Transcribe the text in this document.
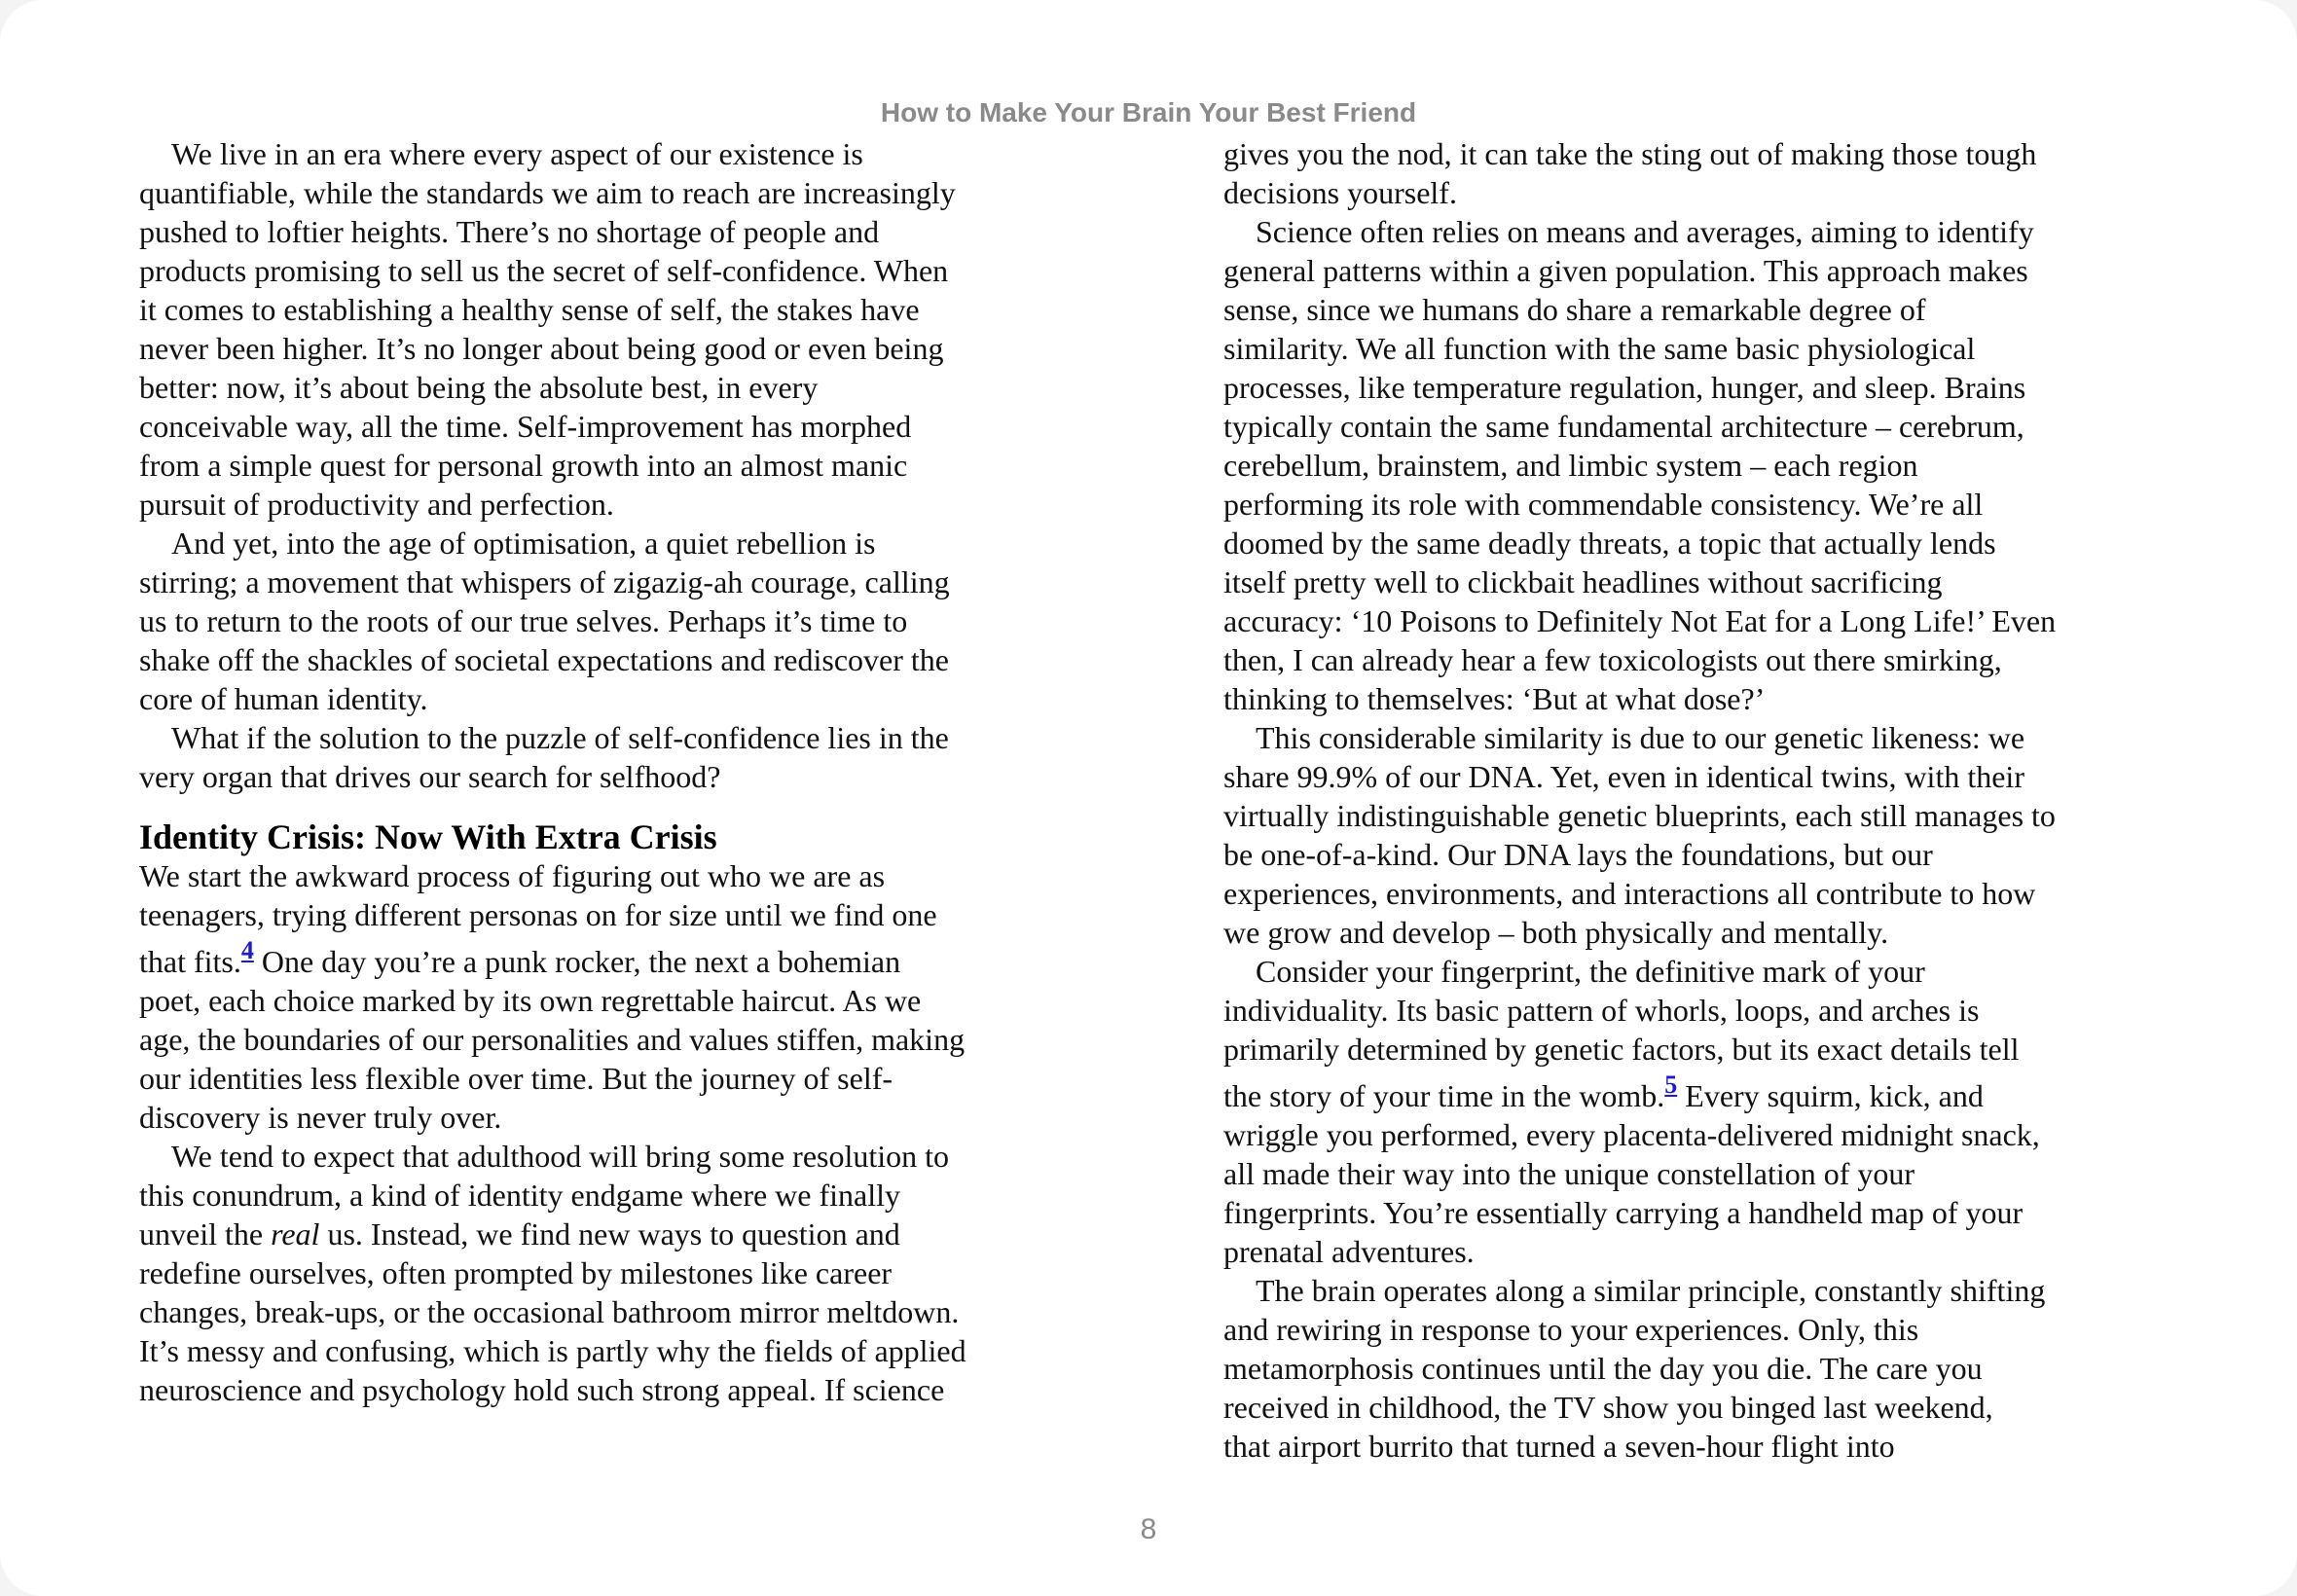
How to Make Your Brain Your Best Friend
We live in an era where every aspect of our existence is
quantifiable, while the standards we aim to reach are increasingly
pushed to loftier heights. There’s no shortage of people and
products promising to sell us the secret of self-confidence. When
it comes to establishing a healthy sense of self, the stakes have
never been higher. It’s no longer about being good or even being
better: now, it’s about being the absolute best, in every
conceivable way, all the time. Self-improvement has morphed
from a simple quest for personal growth into an almost manic
pursuit of productivity and perfection.
And yet, into the age of optimisation, a quiet rebellion is
stirring; a movement that whispers of zigazig-ah courage, calling
us to return to the roots of our true selves. Perhaps it’s time to
shake off the shackles of societal expectations and rediscover the
core of human identity.
What if the solution to the puzzle of self-confidence lies in the
very organ that drives our search for selfhood?
Identity Crisis: Now With Extra Crisis
We start the awkward process of figuring out who we are as
teenagers, trying different personas on for size until we find one
that fits.$^4$ One day you’re a punk rocker, the next a bohemian
poet, each choice marked by its own regrettable haircut. As we
age, the boundaries of our personalities and values stiffen, making
our identities less flexible over time. But the journey of self-
discovery is never truly over.
We tend to expect that adulthood will bring some resolution to
this conundrum, a kind of identity endgame where we finally
unveil the real us. Instead, we find new ways to question and
redefine ourselves, often prompted by milestones like career
changes, break-ups, or the occasional bathroom mirror meltdown.
It’s messy and confusing, which is partly why the fields of applied
neuroscience and psychology hold such strong appeal. If science
gives you the nod, it can take the sting out of making those tough
decisions yourself.
Science often relies on means and averages, aiming to identify
general patterns within a given population. This approach makes
sense, since we humans do share a remarkable degree of
similarity. We all function with the same basic physiological
processes, like temperature regulation, hunger, and sleep. Brains
typically contain the same fundamental architecture – cerebrum,
cerebellum, brainstem, and limbic system – each region
performing its role with commendable consistency. We’re all
doomed by the same deadly threats, a topic that actually lends
itself pretty well to clickbait headlines without sacrificing
accuracy: ‘10 Poisons to Definitely Not Eat for a Long Life!’ Even
then, I can already hear a few toxicologists out there smirking,
thinking to themselves: ‘But at what dose?’
This considerable similarity is due to our genetic likeness: we
share 99.9% of our DNA. Yet, even in identical twins, with their
virtually indistinguishable genetic blueprints, each still manages to
be one-of-a-kind. Our DNA lays the foundations, but our
experiences, environments, and interactions all contribute to how
we grow and develop – both physically and mentally.
Consider your fingerprint, the definitive mark of your
individuality. Its basic pattern of whorls, loops, and arches is
primarily determined by genetic factors, but its exact details tell
the story of your time in the womb.$^5$ Every squirm, kick, and
wriggle you performed, every placenta-delivered midnight snack,
all made their way into the unique constellation of your
fingerprints. You’re essentially carrying a handheld map of your
prenatal adventures.
The brain operates along a similar principle, constantly shifting
and rewiring in response to your experiences. Only, this
metamorphosis continues until the day you die. The care you
received in childhood, the TV show you binged last weekend,
that airport burrito that turned a seven-hour flight into
8
